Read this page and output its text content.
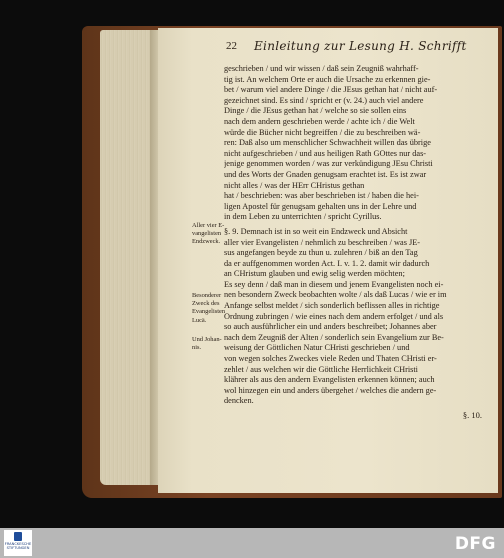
22 Einleitung zur Lesung H. Schrifft
geschrieben / und wir wissen / daß sein Zeugniß wahrhaff-
tig ist. An welchem Orte er auch die Ursache zu erkennen gie-
bet / warum viel andere Dinge / die JEsus gethan hat / nicht auf-
gezeichnet sind. Es sind / spricht er (v. 24.) auch viel andere
Dinge / die JEsus gethan hat / welche so sie sollen eins
nach dem andern geschrieben werde / achte ich / die Welt
würde die Bücher nicht begreiffen / die zu beschreiben wä-
ren: Daß also um menschlicher Schwachheit willen das übrige
nicht aufgeschrieben / und aus heiligen Rath GOttes nur das-
jenige genommen worden / was zur verkündigung JEsu Christi
und des Worts der Gnaden genugsam erachtet ist. Es ist zwar
nicht alles / was der HErr CHristus gethan
hat / beschrieben: was aber beschrieben ist / haben die hei-
ligen Apostel für genugsam gehalten uns in der Lehre und
in dem Leben zu unterrichten / spricht Cyrillus.
§. 9. Demnach ist in so weit ein Endzweck und Absicht
aller vier Evangelisten / nehmlich zu beschreiben / was JE-
sus angefangen beyde zu thun u. zulehren / biß an den Tag
da er auffgenommen worden Act. I. v. 1. 2. damit wir dadurch
an CHristum glauben und ewig selig werden möchten;
Es sey denn / daß man in diesem und jenem Evangelisten noch ei-
nen besondern Zweck beobachten wolte / als daß Lucas / wie er im
Anfange selbst meldet / sich sonderlich beflissen alles in richtige
Ordnung zubringen / wie eines nach dem andern erfolget / und als
so auch ausführlicher ein und anders beschreibet; Johannes aber
nach dem Zeugniß der Alten / sonderlich sein Evangelium zur Be-
weisung der Göttlichen Natur CHristi geschrieben / und
von wegen solches Zweckes viele Reden und Thaten CHristi er-
zehlet / aus welchen wir die Göttliche Herrlichkeit CHristi
klährer als aus den andern Evangelisten erkennen können; auch
wol hinzegen ein und anders übergehet / welches die andern ge-
dencken.
Aller vier E-
vangelisten
Endzweck.
Besonderer
Zweck des
Evangelisten
Lucä.
Und Johan-
nis.
§. 10.
FRANCKESCHE STIFTUNGEN	DFG
